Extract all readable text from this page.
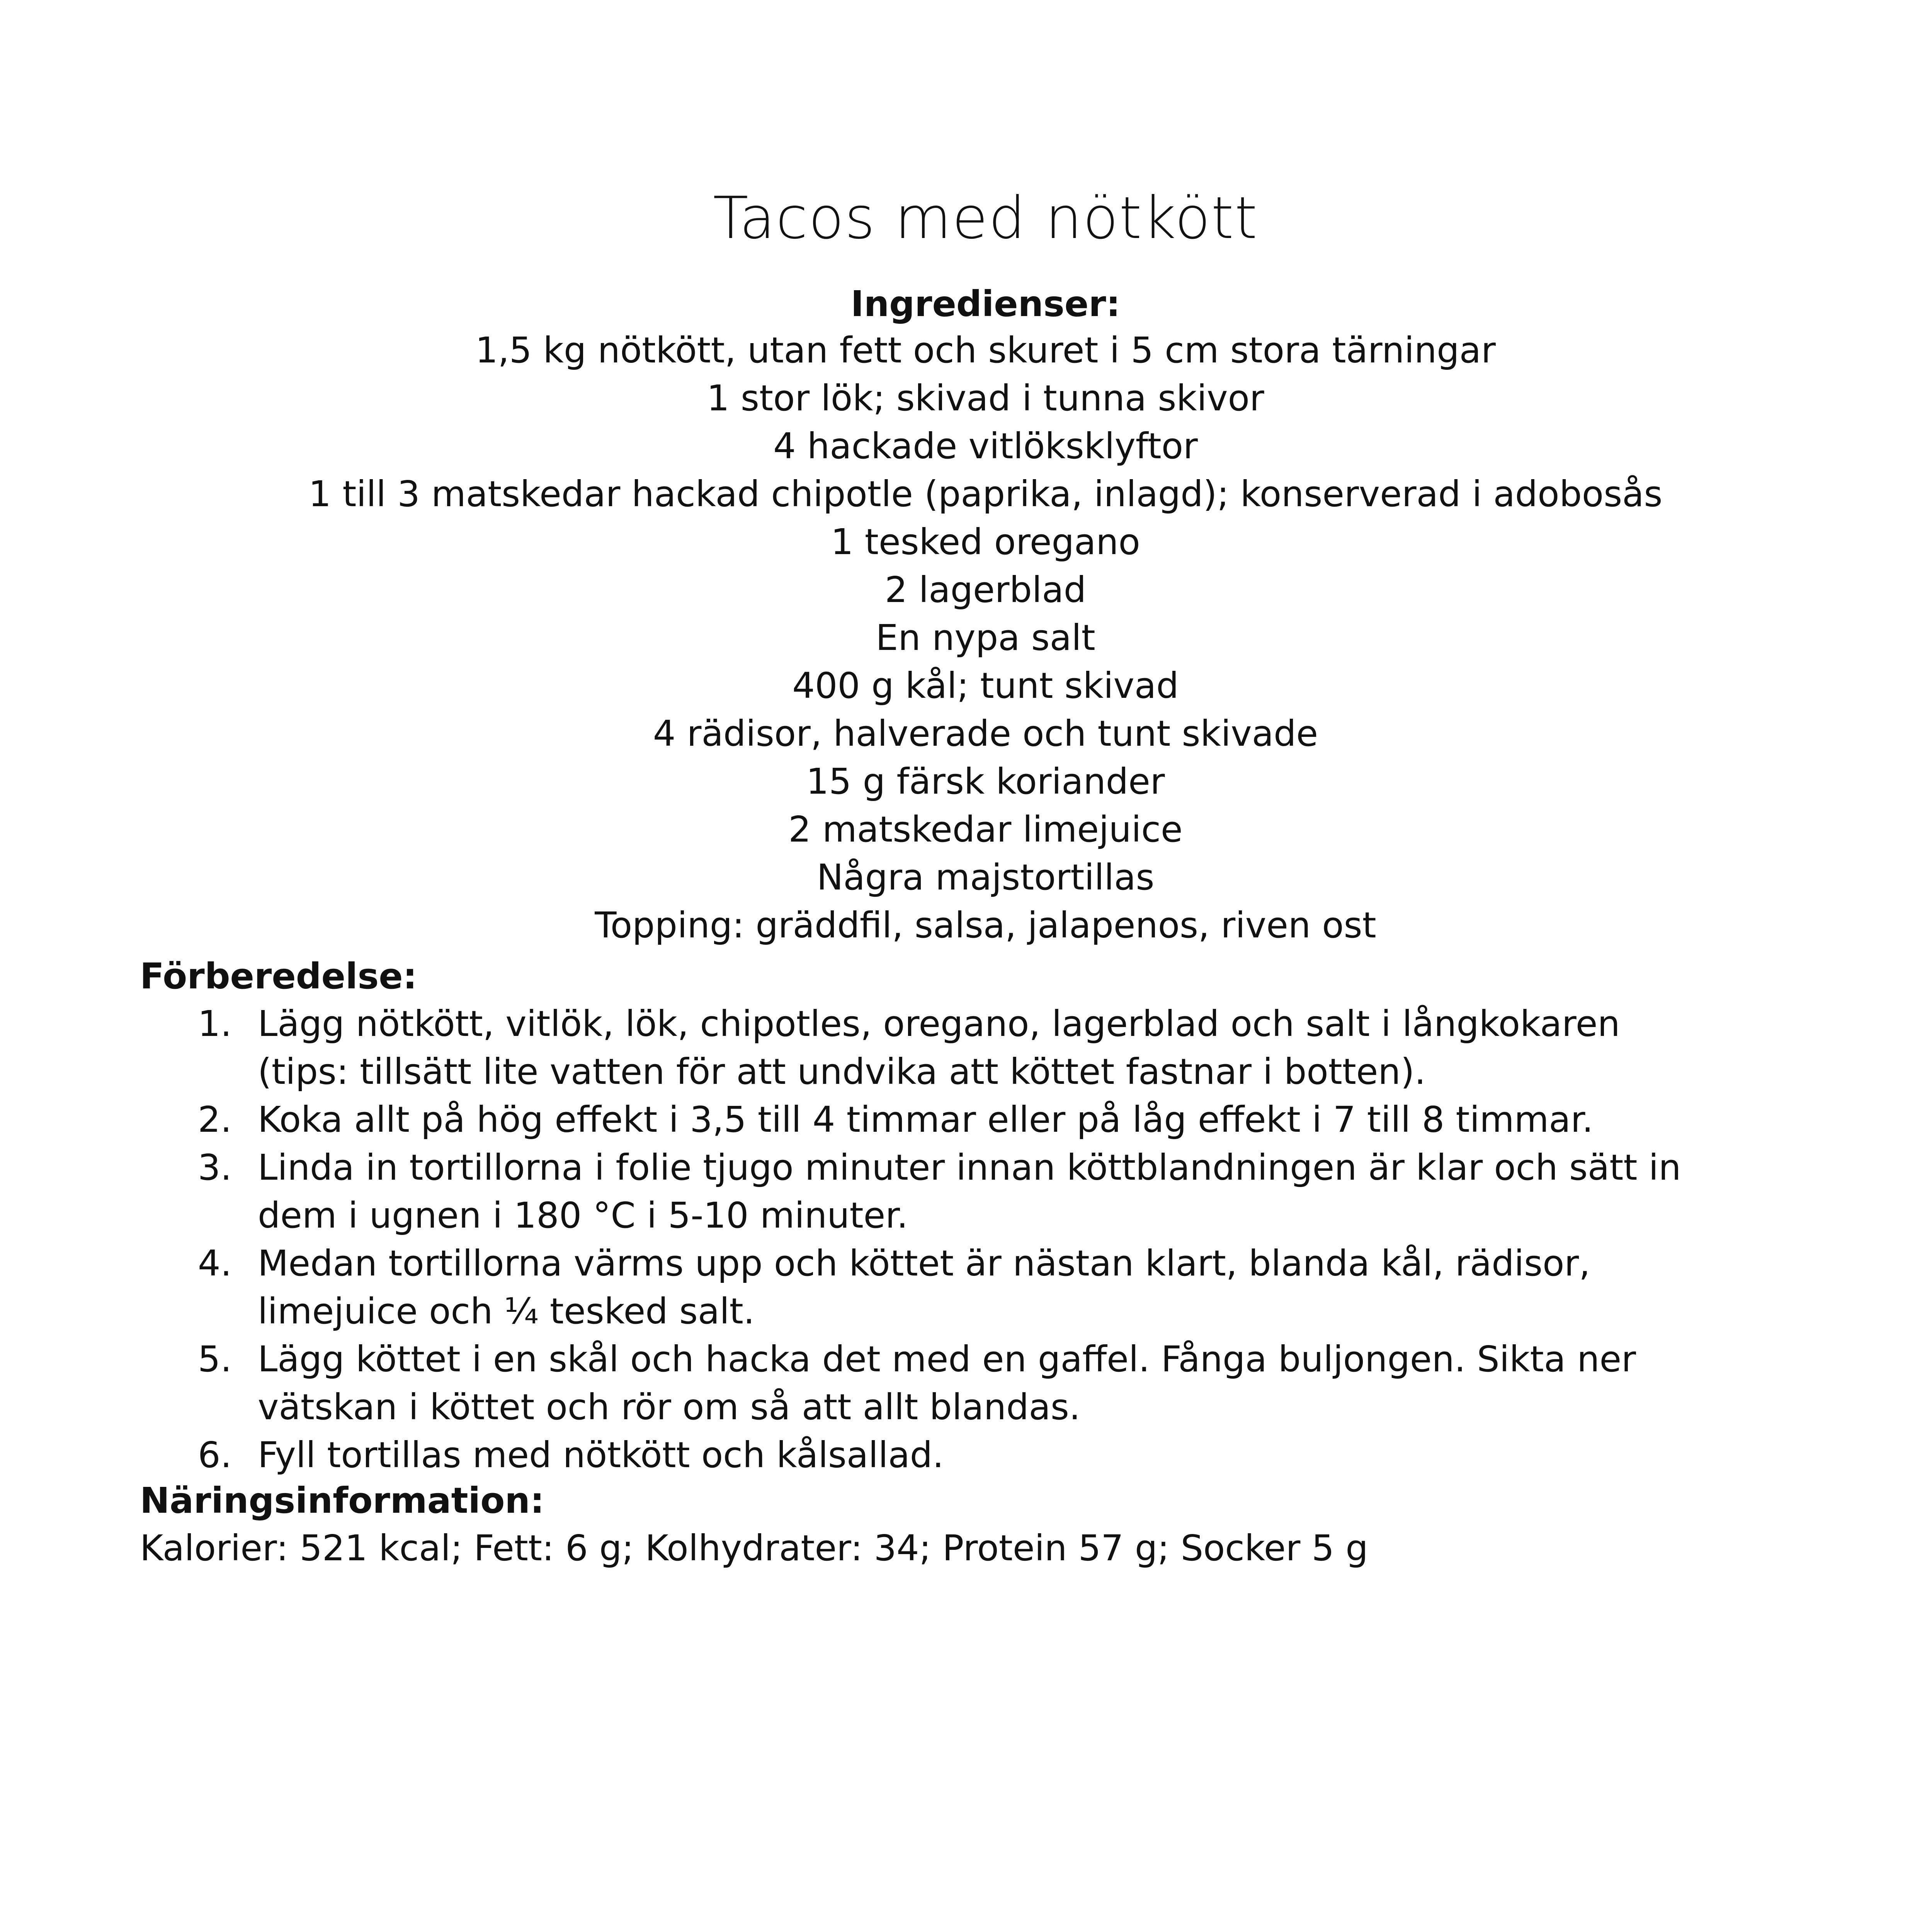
Tacos med nötkött
Ingredienser:
1,5 kg nötkött, utan fett och skuret i 5 cm stora tärningar
1 stor lök; skivad i tunna skivor
4 hackade vitlöksklyftor
1 till 3 matskedar hackad chipotle (paprika, inlagd); konserverad i adobosås
1 tesked oregano
2 lagerblad
En nypa salt
400 g kål; tunt skivad
4 rädisor, halverade och tunt skivade
15 g färsk koriander
2 matskedar limejuice
Några majstortillas
Topping: gräddfil, salsa, jalapenos, riven ost
Förberedelse:
1. Lägg nötkött, vitlök, lök, chipotles, oregano, lagerblad och salt i långkokaren
(tips: tillsätt lite vatten för att undvika att köttet fastnar i botten).
2. Koka allt på hög effekt i 3,5 till 4 timmar eller på låg effekt i 7 till 8 timmar.
3. Linda in tortillorna i folie tjugo minuter innan köttblandningen är klar och sätt in
dem i ugnen i 180 °C i 5-10 minuter.
4. Medan tortillorna värms upp och köttet är nästan klart, blanda kål, rädisor,
limejuice och ¼ tesked salt.
5. Lägg köttet i en skål och hacka det med en gaffel. Fånga buljongen. Sikta ner
vätskan i köttet och rör om så att allt blandas.
6. Fyll tortillas med nötkött och kålsallad.
Näringsinformation:

Kalorier: 521 kcal; Fett: 6 g; Kolhydrater: 34; Protein 57 g; Socker 5 g
